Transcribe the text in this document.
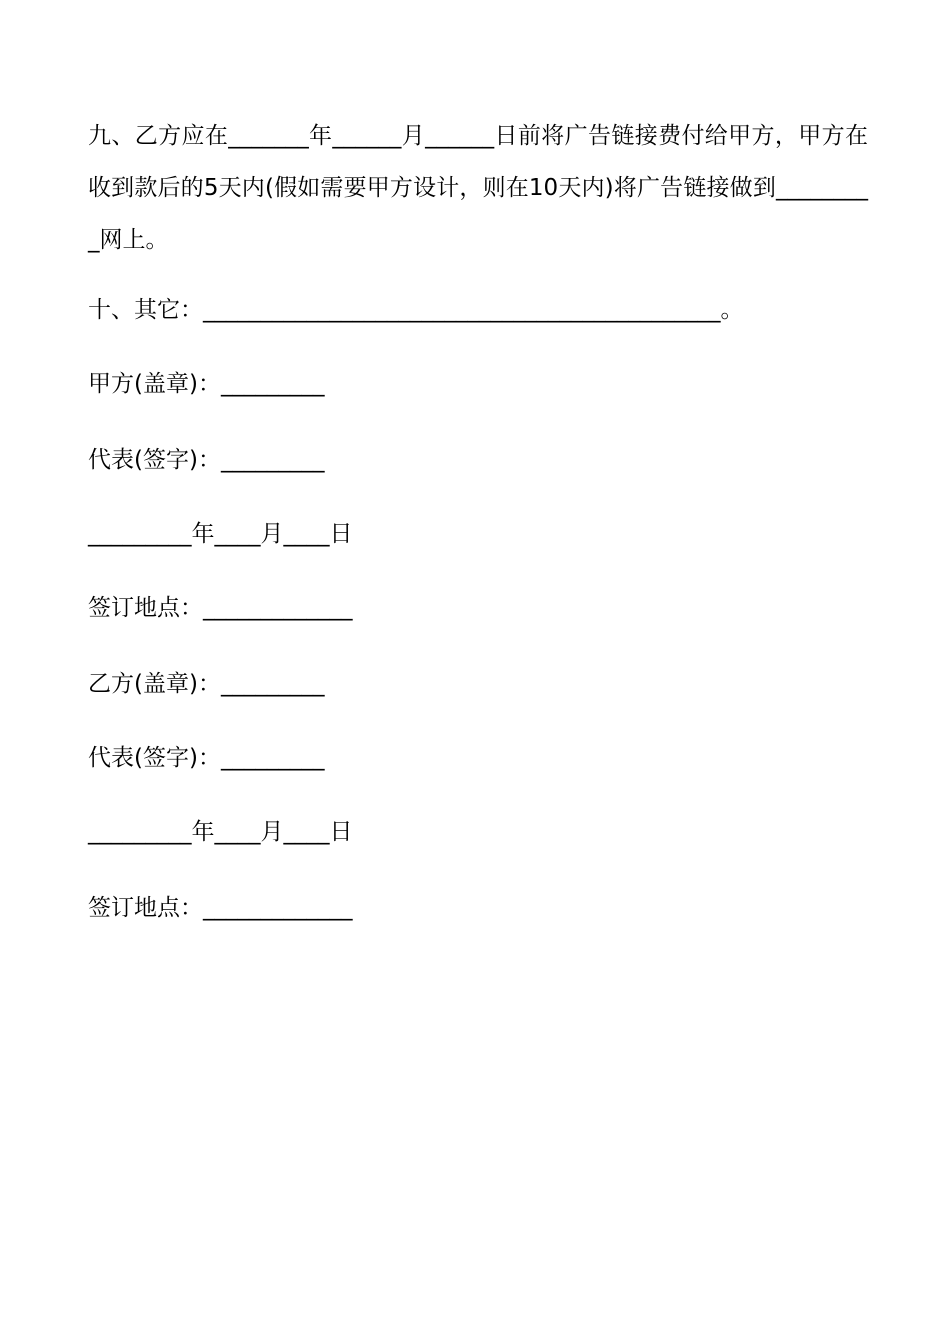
九、乙方应在_______年______月______日前将广告链接费付给甲方，甲方在收到款后的5天内(假如需要甲方设计，则在10天内)将广告链接做到_________网上。

十、其它：_____________________________________________。

甲方(盖章)：_________

代表(签字)：_________

_________年____月____日

签订地点：_____________

乙方(盖章)：_________

代表(签字)：_________

_________年____月____日

签订地点：_____________
